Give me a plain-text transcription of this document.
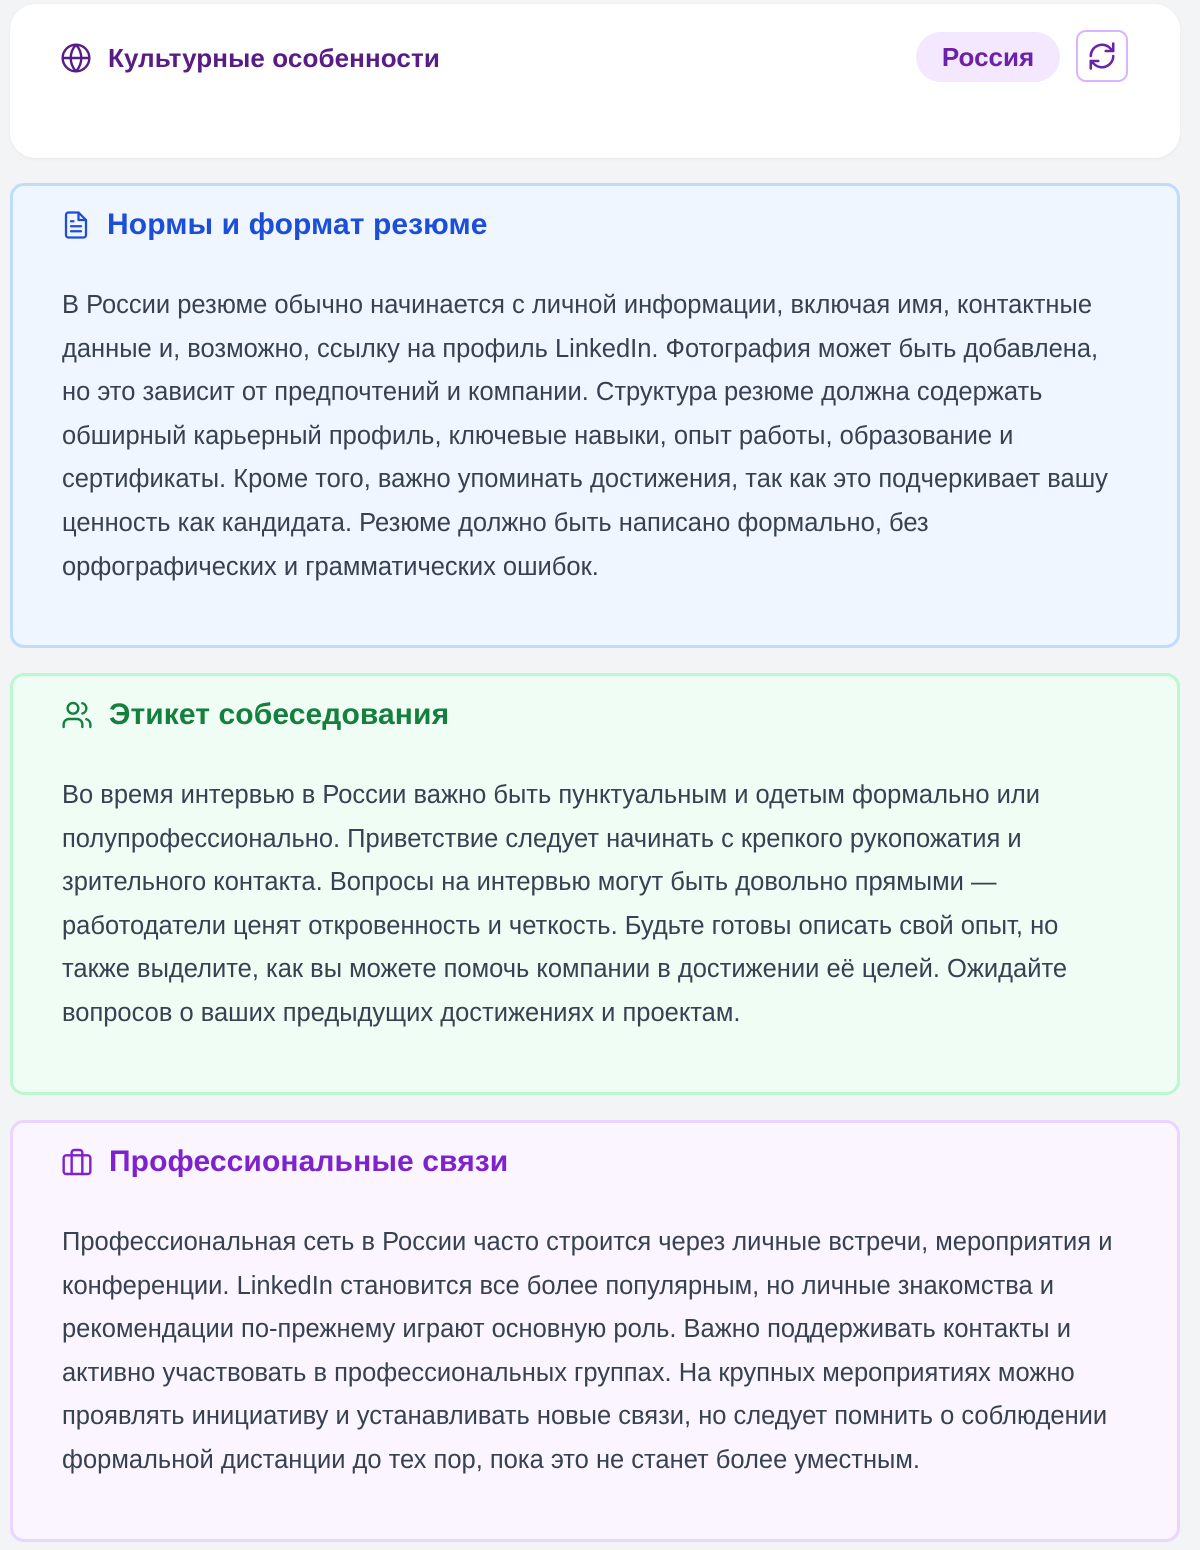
Культурные особенности	Россия
Нормы и формат резюме

В России резюме обычно начинается с личной информации, включая имя, контактные данные и, возможно, ссылку на профиль LinkedIn. Фотография может быть добавлена, но это зависит от предпочтений и компании. Структура резюме должна содержать обширный карьерный профиль, ключевые навыки, опыт работы, образование и сертификаты. Кроме того, важно упоминать достижения, так как это подчеркивает вашу ценность как кандидата. Резюме должно быть написано формально, без орфографических и грамматических ошибок.

Этикет собеседования

Во время интервью в России важно быть пунктуальным и одетым формально или полупрофессионально. Приветствие следует начинать с крепкого рукопожатия и зрительного контакта. Вопросы на интервью могут быть довольно прямыми — работодатели ценят откровенность и четкость. Будьте готовы описать свой опыт, но также выделите, как вы можете помочь компании в достижении её целей. Ожидайте вопросов о ваших предыдущих достижениях и проектам.

Профессиональные связи

Профессиональная сеть в России часто строится через личные встречи, мероприятия и конференции. LinkedIn становится все более популярным, но личные знакомства и рекомендации по-прежнему играют основную роль. Важно поддерживать контакты и активно участвовать в профессиональных группах. На крупных мероприятиях можно проявлять инициативу и устанавливать новые связи, но следует помнить о соблюдении формальной дистанции до тех пор, пока это не станет более уместным.
